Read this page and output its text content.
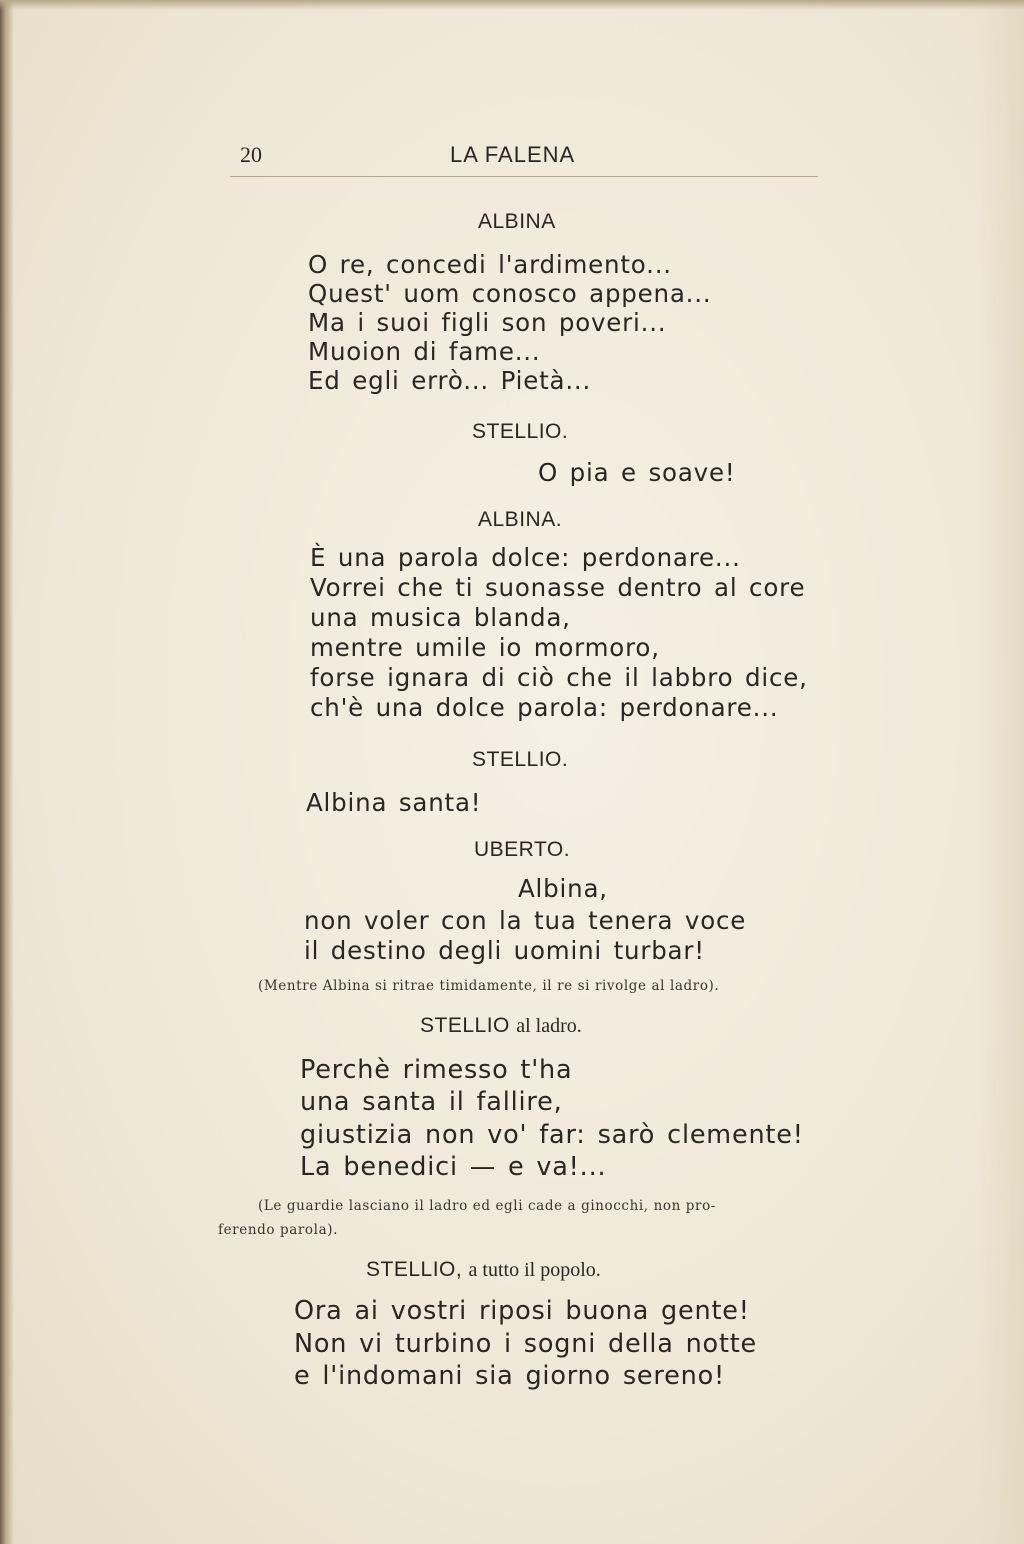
20	LA FALENA
ALBINA
O re, concedi l'ardimento...
Quest' uom conosco appena...
Ma i suoi figli son poveri...
Muoion di fame...
Ed egli errò... Pietà...
STELLIO.
O pia e soave!
ALBINA.
È una parola dolce: perdonare...
Vorrei che ti suonasse dentro al core
una musica blanda,
mentre umile io mormoro,
forse ignara di ciò che il labbro dice,
ch'è una dolce parola: perdonare...
STELLIO.
Albina santa!
UBERTO.
Albina,
non voler con la tua tenera voce
il destino degli uomini turbar!
(Mentre Albina si ritrae timidamente, il re si rivolge al ladro).
STELLIO al ladro.
Perchè rimesso t'ha
una santa il fallire,
giustizia non vo' far: sarò clemente!
La benedici — e va!...
(Le guardie lasciano il ladro ed egli cade a ginocchi, non pro-
ferendo parola).
STELLIO, a tutto il popolo.
Ora ai vostri riposi buona gente!
Non vi turbino i sogni della notte
e l'indomani sia giorno sereno!
